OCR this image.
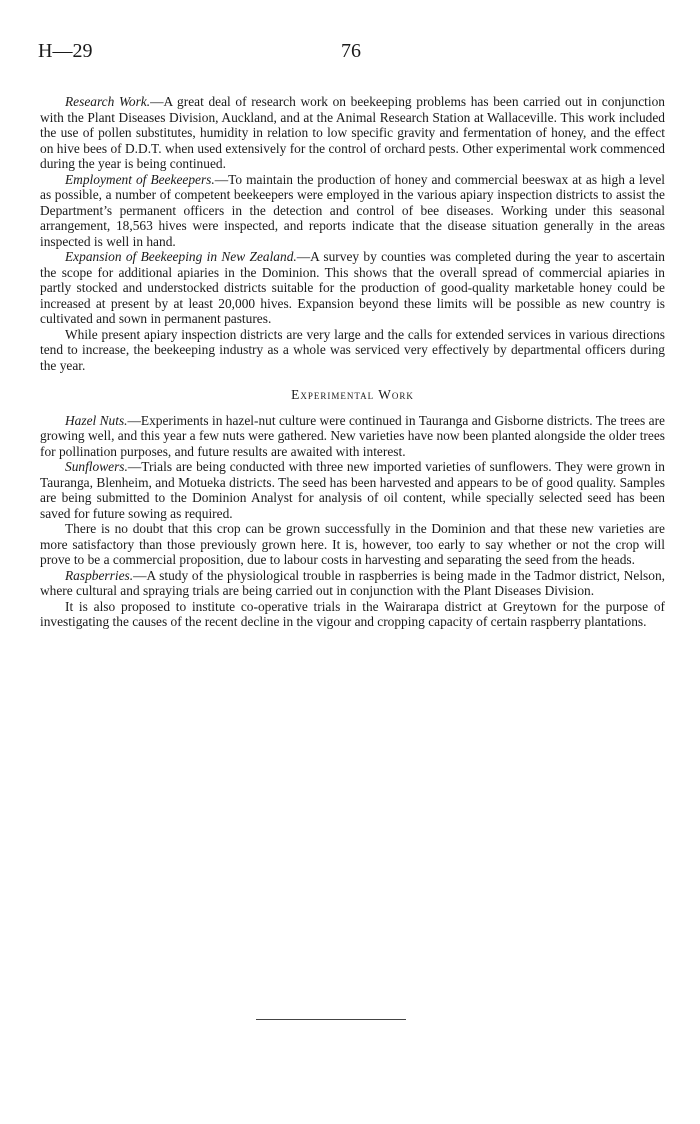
H—29	76

Research Work.—A great deal of research work on beekeeping problems has been carried out in conjunction with the Plant Diseases Division, Auckland, and at the Animal Research Station at Wallaceville. This work included the use of pollen substitutes, humidity in relation to low specific gravity and fermentation of honey, and the effect on hive bees of D.D.T. when used extensively for the control of orchard pests. Other experimental work commenced during the year is being continued.

Employment of Beekeepers.—To maintain the production of honey and commercial beeswax at as high a level as possible, a number of competent beekeepers were employed in the various apiary inspection districts to assist the Department’s permanent officers in the detection and control of bee diseases. Working under this seasonal arrangement, 18,563 hives were inspected, and reports indicate that the disease situation generally in the areas inspected is well in hand.

Expansion of Beekeeping in New Zealand.—A survey by counties was completed during the year to ascertain the scope for additional apiaries in the Dominion. This shows that the overall spread of commercial apiaries in partly stocked and understocked districts suitable for the production of good-quality marketable honey could be increased at present by at least 20,000 hives. Expansion beyond these limits will be possible as new country is cultivated and sown in permanent pastures.

While present apiary inspection districts are very large and the calls for extended services in various directions tend to increase, the beekeeping industry as a whole was serviced very effectively by departmental officers during the year.

Experimental Work

Hazel Nuts.—Experiments in hazel-nut culture were continued in Tauranga and Gisborne districts. The trees are growing well, and this year a few nuts were gathered. New varieties have now been planted alongside the older trees for pollination purposes, and future results are awaited with interest.

Sunflowers.—Trials are being conducted with three new imported varieties of sunflowers. They were grown in Tauranga, Blenheim, and Motueka districts. The seed has been harvested and appears to be of good quality. Samples are being submitted to the Dominion Analyst for analysis of oil content, while specially selected seed has been saved for future sowing as required.

There is no doubt that this crop can be grown successfully in the Dominion and that these new varieties are more satisfactory than those previously grown here. It is, however, too early to say whether or not the crop will prove to be a commercial proposition, due to labour costs in harvesting and separating the seed from the heads.

Raspberries.—A study of the physiological trouble in raspberries is being made in the Tadmor district, Nelson, where cultural and spraying trials are being carried out in conjunction with the Plant Diseases Division.

It is also proposed to institute co-operative trials in the Wairarapa district at Greytown for the purpose of investigating the causes of the recent decline in the vigour and cropping capacity of certain raspberry plantations.
